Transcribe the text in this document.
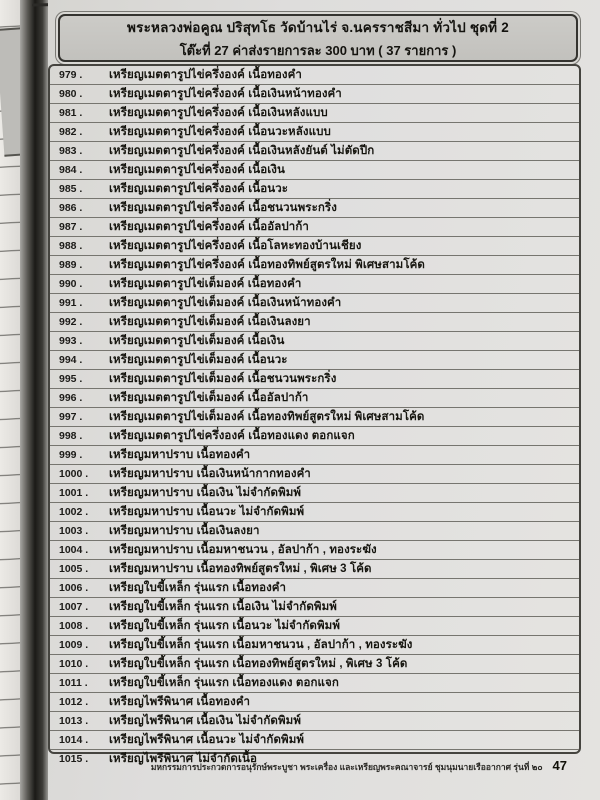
พระหลวงพ่อคูณ ปริสุทโธ วัดบ้านไร่ จ.นครราชสีมา ทั่วไป ชุดที่ 2
โต๊ะที่ 27 ค่าส่งรายการละ 300 บาท ( 37 รายการ )
979 .	เหรียญเมตตารูปไข่ครึ่งองค์ เนื้อทองคำ
980 .	เหรียญเมตตารูปไข่ครึ่งองค์ เนื้อเงินหน้าทองคำ
981 .	เหรียญเมตตารูปไข่ครึ่งองค์ เนื้อเงินหลังแบบ
982 .	เหรียญเมตตารูปไข่ครึ่งองค์ เนื้อนวะหลังแบบ
983 .	เหรียญเมตตารูปไข่ครึ่งองค์ เนื้อเงินหลังยันต์ ไม่ตัดปีก
984 .	เหรียญเมตตารูปไข่ครึ่งองค์ เนื้อเงิน
985 .	เหรียญเมตตารูปไข่ครึ่งองค์ เนื้อนวะ
986 .	เหรียญเมตตารูปไข่ครึ่งองค์ เนื้อชนวนพระกริ่ง
987 .	เหรียญเมตตารูปไข่ครึ่งองค์ เนื้ออัลปาก้า
988 .	เหรียญเมตตารูปไข่ครึ่งองค์ เนื้อโลหะทองบ้านเชียง
989 .	เหรียญเมตตารูปไข่ครึ่งองค์ เนื้อทองทิพย์สูตรใหม่ พิเศษสามโค้ด
990 .	เหรียญเมตตารูปไข่เต็มองค์ เนื้อทองคำ
991 .	เหรียญเมตตารูปไข่เต็มองค์ เนื้อเงินหน้าทองคำ
992 .	เหรียญเมตตารูปไข่เต็มองค์ เนื้อเงินลงยา
993 .	เหรียญเมตตารูปไข่เต็มองค์ เนื้อเงิน
994 .	เหรียญเมตตารูปไข่เต็มองค์ เนื้อนวะ
995 .	เหรียญเมตตารูปไข่เต็มองค์ เนื้อชนวนพระกริ่ง
996 .	เหรียญเมตตารูปไข่เต็มองค์ เนื้ออัลปาก้า
997 .	เหรียญเมตตารูปไข่เต็มองค์ เนื้อทองทิพย์สูตรใหม่ พิเศษสามโค้ด
998 .	เหรียญเมตตารูปไข่ครึ่งองค์ เนื้อทองแดง ตอกแจก
999 .	เหรียญมหาปราบ เนื้อทองคำ
1000 .	เหรียญมหาปราบ เนื้อเงินหน้ากากทองคำ
1001 .	เหรียญมหาปราบ เนื้อเงิน ไม่จำกัดพิมพ์
1002 .	เหรียญมหาปราบ เนื้อนวะ ไม่จำกัดพิมพ์
1003 .	เหรียญมหาปราบ เนื้อเงินลงยา
1004 .	เหรียญมหาปราบ เนื้อมหาชนวน , อัลปาก้า , ทองระฆัง
1005 .	เหรียญมหาปราบ เนื้อทองทิพย์สูตรใหม่ , พิเศษ 3 โค้ด
1006 .	เหรียญใบขี้เหล็ก รุ่นแรก เนื้อทองคำ
1007 .	เหรียญใบขี้เหล็ก รุ่นแรก เนื้อเงิน ไม่จำกัดพิมพ์
1008 .	เหรียญใบขี้เหล็ก รุ่นแรก เนื้อนวะ ไม่จำกัดพิมพ์
1009 .	เหรียญใบขี้เหล็ก รุ่นแรก เนื้อมหาชนวน , อัลปาก้า , ทองระฆัง
1010 .	เหรียญใบขี้เหล็ก รุ่นแรก เนื้อทองทิพย์สูตรใหม่ , พิเศษ 3 โค้ด
1011 .	เหรียญใบขี้เหล็ก รุ่นแรก เนื้อทองแดง ตอกแจก
1012 .	เหรียญไพรีพินาศ เนื้อทองคำ
1013 .	เหรียญไพรีพินาศ เนื้อเงิน ไม่จำกัดพิมพ์
1014 .	เหรียญไพรีพินาศ เนื้อนวะ ไม่จำกัดพิมพ์
1015 .	เหรียญไพรีพินาศ ไม่จำกัดเนื้อ
มหกรรมการประกวดการอนุรักษ์พระบูชา พระเครื่อง และเหรียญพระคณาจารย์ ชุมนุมนายเรืออากาศ รุ่นที่ ๒๐ 47
